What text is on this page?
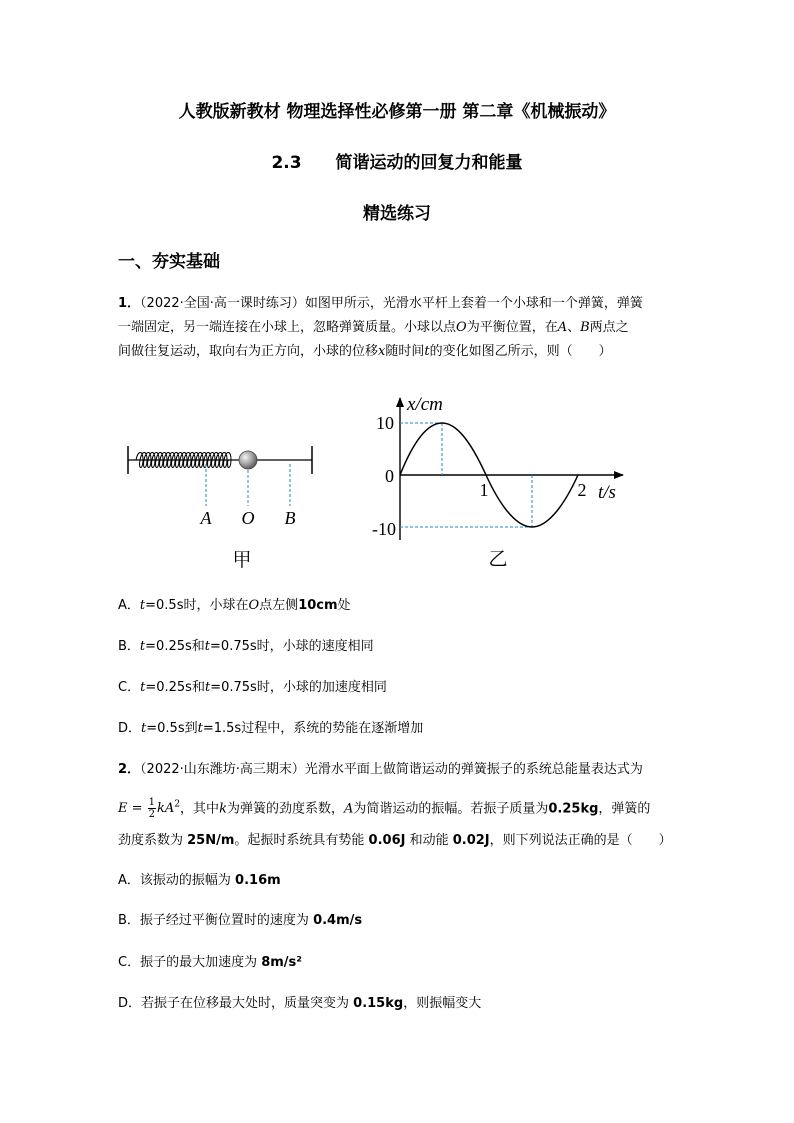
人教版新教材 物理选择性必修第一册 第二章《机械振动》
2.3　　简谐运动的回复力和能量
精选练习
一、夯实基础
1．（2022·全国·高一课时练习）如图甲所示，光滑水平杆上套着一个小球和一个弹簧，弹簧
一端固定，另一端连接在小球上，忽略弹簧质量。小球以点O为平衡位置，在A、B两点之
间做往复运动，取向右为正方向，小球的位移x随时间t的变化如图乙所示，则（　　）
A O B
甲
x/cm
t/s
10
0
-10
1	2
乙
A．t=0.5s时，小球在O点左侧10cm处
B．t=0.25s和t=0.75s时，小球的速度相同
C．t=0.25s和t=0.75s时，小球的加速度相同
D．t=0.5s到t=1.5s过程中，系统的势能在逐渐增加
2．（2022·山东潍坊·高三期末）光滑水平面上做简谐运动的弹簧振子的系统总能量表达式为
$E = \frac{1}{2} kA^2$，其中k为弹簧的劲度系数，A为简谐运动的振幅。若振子质量为0.25kg，弹簧的
劲度系数为 25N/m。起振时系统具有势能 0.06J 和动能 0.02J，则下列说法正确的是（　　）
A．该振动的振幅为 0.16m
B．振子经过平衡位置时的速度为 0.4m/s
C．振子的最大加速度为 8m/s²
D．若振子在位移最大处时，质量突变为 0.15kg，则振幅变大
